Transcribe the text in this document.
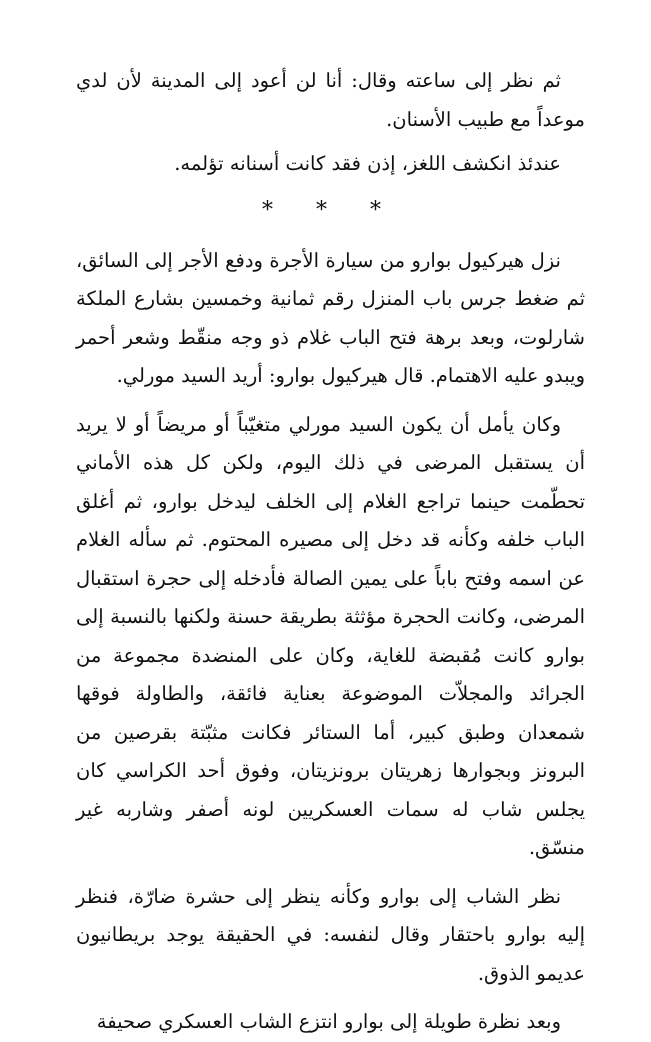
ثم نظر إلى ساعته وقال: أنا لن أعود إلى المدينة لأن لدي موعداً مع طبيب الأسنان.

عندئذ انكشف اللغز، إذن فقد كانت أسنانه تؤلمه.

* * *

نزل هيركيول بوارو من سيارة الأجرة ودفع الأجر إلى السائق، ثم ضغط جرس باب المنزل رقم ثمانية وخمسين بشارع الملكة شارلوت، وبعد برهة فتح الباب غلام ذو وجه منقّط وشعر أحمر ويبدو عليه الاهتمام. قال هيركيول بوارو: أريد السيد مورلي.

وكان يأمل أن يكون السيد مورلي متغيّباً أو مريضاً أو لا يريد أن يستقبل المرضى في ذلك اليوم، ولكن كل هذه الأماني تحطّمت حينما تراجع الغلام إلى الخلف ليدخل بوارو، ثم أغلق الباب خلفه وكأنه قد دخل إلى مصيره المحتوم. ثم سأله الغلام عن اسمه وفتح باباً على يمين الصالة فأدخله إلى حجرة استقبال المرضى، وكانت الحجرة مؤثثة بطريقة حسنة ولكنها بالنسبة إلى بوارو كانت مُقبضة للغاية، وكان على المنضدة مجموعة من الجرائد والمجلاّت الموضوعة بعناية فائقة، والطاولة فوقها شمعدان وطبق كبير، أما الستائر فكانت مثبّتة بقرصين من البرونز وبجوارها زهريتان برونزيتان، وفوق أحد الكراسي كان يجلس شاب له سمات العسكريين لونه أصفر وشاربه غير منسّق.

نظر الشاب إلى بوارو وكأنه ينظر إلى حشرة ضارّة، فنظر إليه بوارو باحتقار وقال لنفسه: في الحقيقة يوجد بريطانيون عديمو الذوق.

وبعد نظرة طويلة إلى بوارو انتزع الشاب العسكري صحيفة
